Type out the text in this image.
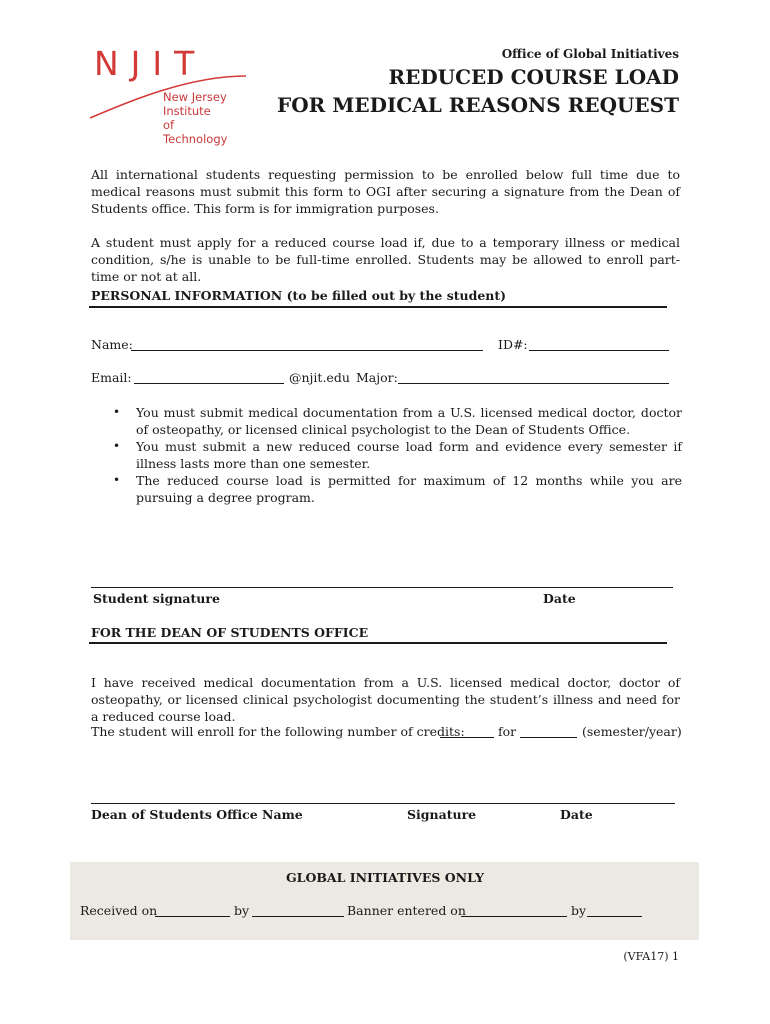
NJIT
New Jersey Institute
of Technology
Office of Global Initiatives
REDUCED COURSE LOAD
FOR MEDICAL REASONS REQUEST
All international students requesting permission to be enrolled below full time due to medical reasons must submit this form to OGI after securing a signature from the Dean of Students office. This form is for immigration purposes.
A student must apply for a reduced course load if, due to a temporary illness or medical condition, s/he is unable to be full-time enrolled. Students may be allowed to enroll part-time or not at all.
PERSONAL INFORMATION (to be filled out by the student)
Name:	ID#:
Email:	@njit.edu Major:
• You must submit medical documentation from a U.S. licensed medical doctor, doctor of osteopathy, or licensed clinical psychologist to the Dean of Students Office.
• You must submit a new reduced course load form and evidence every semester if illness lasts more than one semester.
• The reduced course load is permitted for maximum of 12 months while you are pursuing a degree program.
Student signature	Date
FOR THE DEAN OF STUDENTS OFFICE
I have received medical documentation from a U.S. licensed medical doctor, doctor of osteopathy, or licensed clinical psychologist documenting the student’s illness and need for a reduced course load.
The student will enroll for the following number of credits:	for	(semester/year)
Dean of Students Office Name	Signature	Date
GLOBAL INITIATIVES ONLY
Received on	by	Banner entered on	by
(VFA17) 1
